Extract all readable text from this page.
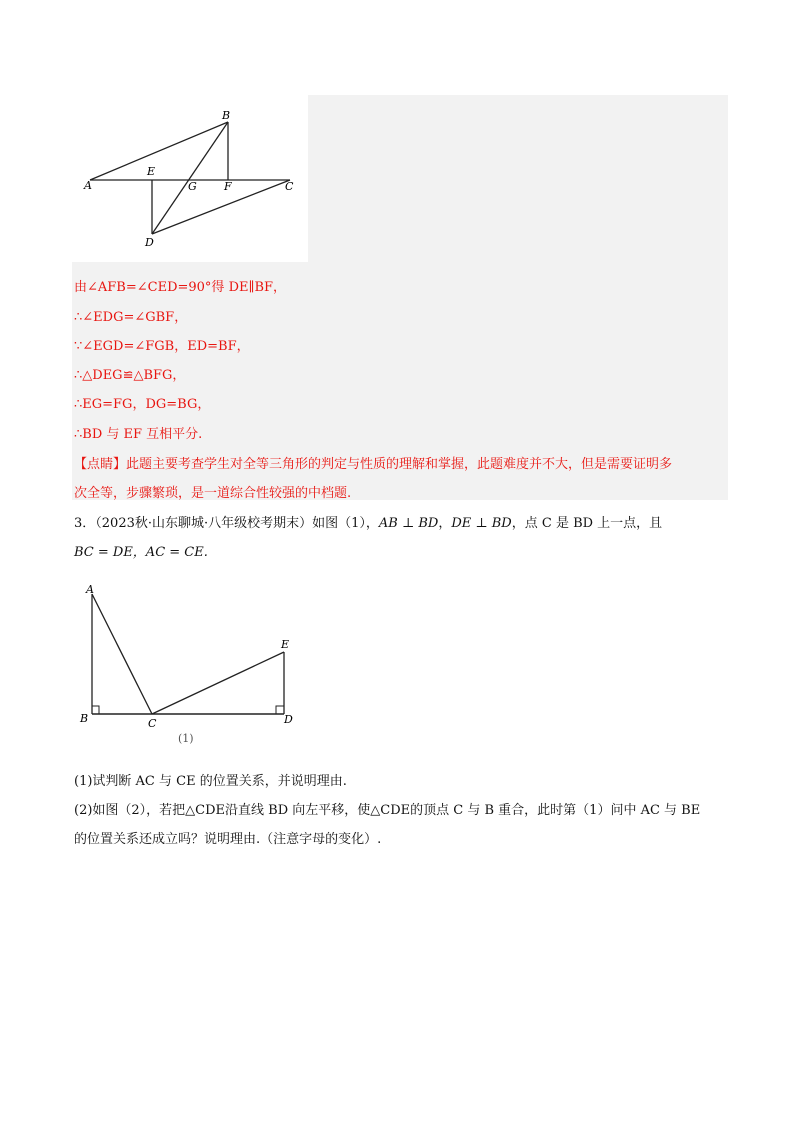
A
B
C
D
E
F
G
由∠AFB=∠CED=90°得 DE∥BF，
∴∠EDG=∠GBF，
∵∠EGD=∠FGB，ED=BF，
∴△DEG≌△BFG，
∴EG=FG，DG=BG，
∴BD 与 EF 互相平分.
【点睛】此题主要考查学生对全等三角形的判定与性质的理解和掌握，此题难度并不大，但是需要证明多
次全等，步骤繁琐，是一道综合性较强的中档题.
3．（2023秋·山东聊城·八年级校考期末）如图（1），AB ⊥ BD，DE ⊥ BD，点 C 是 BD 上一点，且
BC = DE，AC = CE.
A
B	C	D
E
(1)
(1)试判断 AC 与 CE 的位置关系，并说明理由.
(2)如图（2），若把△CDE沿直线 BD 向左平移，使△CDE的顶点 C 与 B 重合，此时第（1）问中 AC 与 BE
的位置关系还成立吗？说明理由.（注意字母的变化）.
